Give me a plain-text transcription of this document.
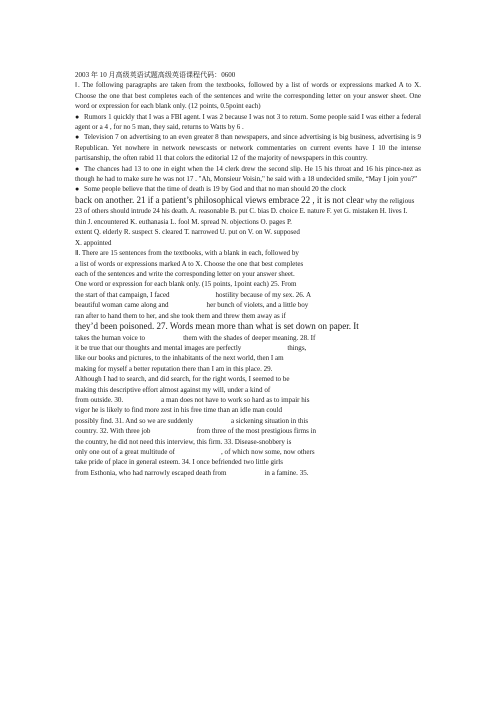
2003 年 10 月高级英语试题高级英语课程代码：0600

Ⅰ. The following paragraphs are taken from the textbooks, followed by a list of words or expressions marked A to X. Choose the one that best completes each of the sentences and write the corresponding letter on your answer sheet. One word or expression for each blank only. (12 points, 0.5point each)

● Rumors 1 quickly that I was a FBI agent. I was 2 because I was not 3 to return. Some people said I was either a federal agent or a 4 , for no 5 man, they said, returns to Watts by 6 .

● Television 7 on advertising to an even greater 8 than newspapers, and since advertising is big business, advertising is 9 Republican. Yet nowhere in network newscasts or network commentaries on current events have I 10 the intense partisanship, the often rabid 11 that colors the editorial 12 of the majority of newspapers in this country.

● The chances had 13 to one in eight when the 14 clerk drew the second slip. He 15 his throat and 16 his pince-nez as though he had to make sure he was not 17 . "Ah, Monsieur Voisin," he said with a 18 undecided smile, “May I join you?”

● Some people believe that the time of death is 19 by God and that no man should 20 the clock
back on another. 21 if a patient’s philosophical views embrace 22 , it is not clear why the religious 23 of others should intrude 24 his death. A. reasonable B. put C. bias D. choice E. nature F. yet G. mistaken H. lives I.

thin J. encountered K. euthanasia L. fool M. spread N. objections O. pages P.

extent Q. elderly R. suspect S. cleared T. narrowed U. put on V. on W. supposed

X. appointed

Ⅱ. There are 15 sentences from the textbooks, with a blank in each, followed by

a list of words or expressions marked A to X. Choose the one that best completes

each of the sentences and write the corresponding letter on your answer sheet.

One word or expression for each blank only. (15 points, 1point each) 25. From

the start of that campaign, I faced	hostility because of my sex. 26. A

beautiful woman came along and	her bunch of violets, and a little boy

ran after to hand them to her, and she took them and threw them away as if

they’d been poisoned. 27. Words mean more than what is set down on paper. It

takes the human voice to	them with the shades of deeper meaning. 28. If

it be true that our thoughts and mental images are perfectly	things,

like our books and pictures, to the inhabitants of the next world, then I am

making for myself a better reputation there than I am in this place. 29.

Although I had to search, and did search, for the right words, I seemed to be

making this descriptive effort almost against my will, under a kind of

from outside. 30.	a man does not have to work so hard as to impair his

vigor he is likely to find more zest in his free time than an idle man could

possibly find. 31. And so we are suddenly	a sickening situation in this

country. 32. With three job	from three of the most prestigious firms in

the country, he did not need this interview, this firm. 33. Disease-snobbery is

only one out of a great multitude of	, of which now some, now others

take pride of place in general esteem. 34. I once befriended two little girls

from Esthonia, who had narrowly escaped death from	in a famine. 35.
